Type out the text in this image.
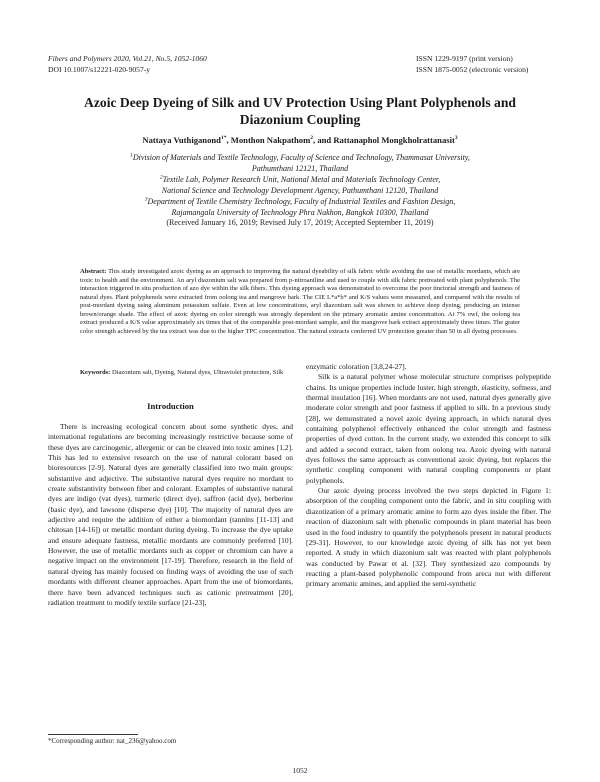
Fibers and Polymers 2020, Vol.21, No.5, 1052-1060
DOI 10.1007/s12221-020-9057-y
ISSN 1229-9197 (print version)
ISSN 1875-0052 (electronic version)
Azoic Deep Dyeing of Silk and UV Protection Using Plant Polyphenols and
Diazonium Coupling
Nattaya Vuthiganond$^{1*}$, Monthon Nakpathom$^2$, and Rattanaphol Mongkholrattanasit$^3$
$^1$Division of Materials and Textile Technology, Faculty of Science and Technology, Thammasat University,
Pathumthani 12121, Thailand
$^2$Textile Lab, Polymer Research Unit, National Metal and Materials Technology Center,
National Science and Technology Development Agency, Pathumthani 12120, Thailand
$^3$Department of Textile Chemistry Technology, Faculty of Industrial Textiles and Fashion Design,
Rajamangala University of Technology Phra Nakhon, Bangkok 10300, Thailand
(Received January 16, 2019; Revised July 17, 2019; Accepted September 11, 2019)
Abstract: This study investigated azoic dyeing as an approach to improving the natural dyeability of silk fabric while avoiding the use of metallic mordants, which are toxic to health and the environment. An aryl diazonium salt was prepared from p-nitroaniline and used to couple with silk fabric pretreated with plant polyphenols. The interaction triggered in situ production of azo dye within the silk fibers. This dyeing approach was demonstrated to overcome the poor tinctorial strength and fastness of natural dyes. Plant polyphenols were extracted from oolong tea and mangrove bark. The CIE L*a*b* and K/S values were measured, and compared with the results of post-mordant dyeing using aluminum potassium sulfate. Even at low concentrations, aryl diazonium salt was shown to achieve deep dyeing, producing an intense brown/orange shade. The effect of azoic dyeing on color strength was strongly dependent on the primary aromatic amine concentration. At 7% owf, the oolong tea extract produced a K/S value approximately six times that of the comparable post-mordant sample, and the mangrove bark extract approximately three times. The grater color strength achieved by the tea extract was due to the higher TPC concentration. The natural extracts conferred UV protection greater than 50 in all dyeing processes.
Keywords: Diazonium salt, Dyeing, Natural dyes, Ultraviolet protection, Silk
Introduction

There is increasing ecological concern about some synthetic dyes, and international regulations are becoming increasingly restrictive because some of these dyes are carcinogenic, allergenic or can be cleaved into toxic amines [1,2]. This has led to extensive research on the use of natural colorant based on bioresources [2-9]. Natural dyes are generally classified into two main groups: substantive and adjective. The substantive natural dyes require no mordant to create substantivity between fiber and colorant. Examples of substantive natural dyes are indigo (vat dyes), turmeric (direct dye), saffron (acid dye), berberine (basic dye), and lawsone (disperse dye) [10]. The majority of natural dyes are adjective and require the addition of either a biomordant (tannins [11-13] and chitosan [14-16]) or metallic mordant during dyeing. To increase the dye uptake and ensure adequate fastness, metallic mordants are commonly preferred [10]. However, the use of metallic mordants such as copper or chromium can have a negative impact on the environment [17-19]. Therefore, research in the field of natural dyeing has mainly focused on finding ways of avoiding the use of such mordants with different cleaner approaches. Apart from the use of biomordants, there have been advanced techniques such as cationic pretreatment [20], radiation treatment to modify textile surface [21-23],

enzymatic coloration [3,8,24-27].

Silk is a natural polymer whose molecular structure comprises polypeptide chains. Its unique properties include luster, high strength, elasticity, softness, and thermal insulation [16]. When mordants are not used, natural dyes generally give moderate color strength and poor fastness if applied to silk. In a previous study [28], we demonstrated a novel azoic dyeing approach, in which natural dyes containing polyphenol effectively enhanced the color strength and fastness properties of dyed cotton. In the current study, we extended this concept to silk and added a second extract, taken from oolong tea. Azoic dyeing with natural dyes follows the same approach as conventional azoic dyeing, but replaces the synthetic coupling component with natural coupling components or plant polyphenols.

Our azoic dyeing process involved the two steps depicted in Figure 1: absorption of the coupling component onto the fabric, and in situ coupling with diazotization of a primary aromatic amine to form azo dyes inside the fiber. The reaction of diazonium salt with phenolic compounds in plant material has been used in the food industry to quantify the polyphenols present in natural products [29-31]. However, to our knowledge azoic dyeing of silk has not yet been reported. A study in which diazonium salt was reacted with plant polyphenols was conducted by Pawar et al. [32]. They synthesized azo compounds by reacting a plant-based polyphenolic compound from areca nut with different primary aromatic amines, and applied the semi-synthetic

*Corresponding author: nat_236@yahoo.com
1052
